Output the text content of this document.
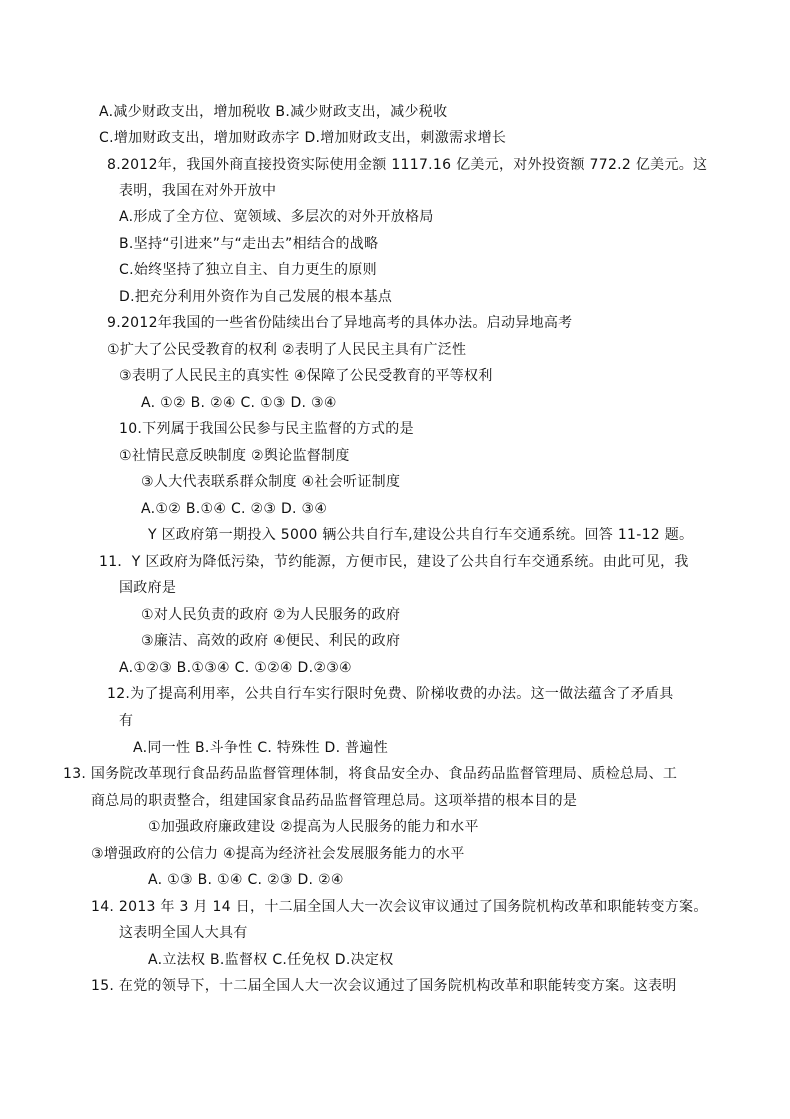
A.减少财政支出，增加税收 B.减少财政支出，减少税收
C.增加财政支出，增加财政赤字 D.增加财政支出，刺激需求增长
8.2012年，我国外商直接投资实际使用金额 1117.16 亿美元，对外投资额 772.2 亿美元。这
表明，我国在对外开放中
A.形成了全方位、宽领域、多层次的对外开放格局
B.坚持“引进来”与“走出去”相结合的战略
C.始终坚持了独立自主、自力更生的原则
D.把充分利用外资作为自己发展的根本基点
9.2012年我国的一些省份陆续出台了异地高考的具体办法。启动异地高考
①扩大了公民受教育的权利 ②表明了人民民主具有广泛性
③表明了人民民主的真实性 ④保障了公民受教育的平等权利
A. ①② B. ②④ C. ①③ D. ③④
10.下列属于我国公民参与民主监督的方式的是
①社情民意反映制度 ②舆论监督制度
③人大代表联系群众制度 ④社会听证制度
A.①② B.①④ C. ②③ D. ③④
Y 区政府第一期投入 5000 辆公共自行车,建设公共自行车交通系统。回答 11-12 题。
11．Y 区政府为降低污染，节约能源，方便市民，建设了公共自行车交通系统。由此可见，我
国政府是
①对人民负责的政府 ②为人民服务的政府
③廉洁、高效的政府 ④便民、利民的政府
A.①②③ B.①③④ C. ①②④ D.②③④
12.为了提高利用率，公共自行车实行限时免费、阶梯收费的办法。这一做法蕴含了矛盾具
有
A.同一性 B.斗争性 C. 特殊性 D. 普遍性
13. 国务院改革现行食品药品监督管理体制，将食品安全办、食品药品监督管理局、质检总局、工
商总局的职责整合，组建国家食品药品监督管理总局。这项举措的根本目的是
①加强政府廉政建设 ②提高为人民服务的能力和水平
③增强政府的公信力 ④提高为经济社会发展服务能力的水平
A. ①③ B. ①④ C. ②③ D. ②④
14. 2013 年 3 月 14 日，十二届全国人大一次会议审议通过了国务院机构改革和职能转变方案。
这表明全国人大具有
A.立法权 B.监督权 C.任免权 D.决定权
15. 在党的领导下，十二届全国人大一次会议通过了国务院机构改革和职能转变方案。这表明
